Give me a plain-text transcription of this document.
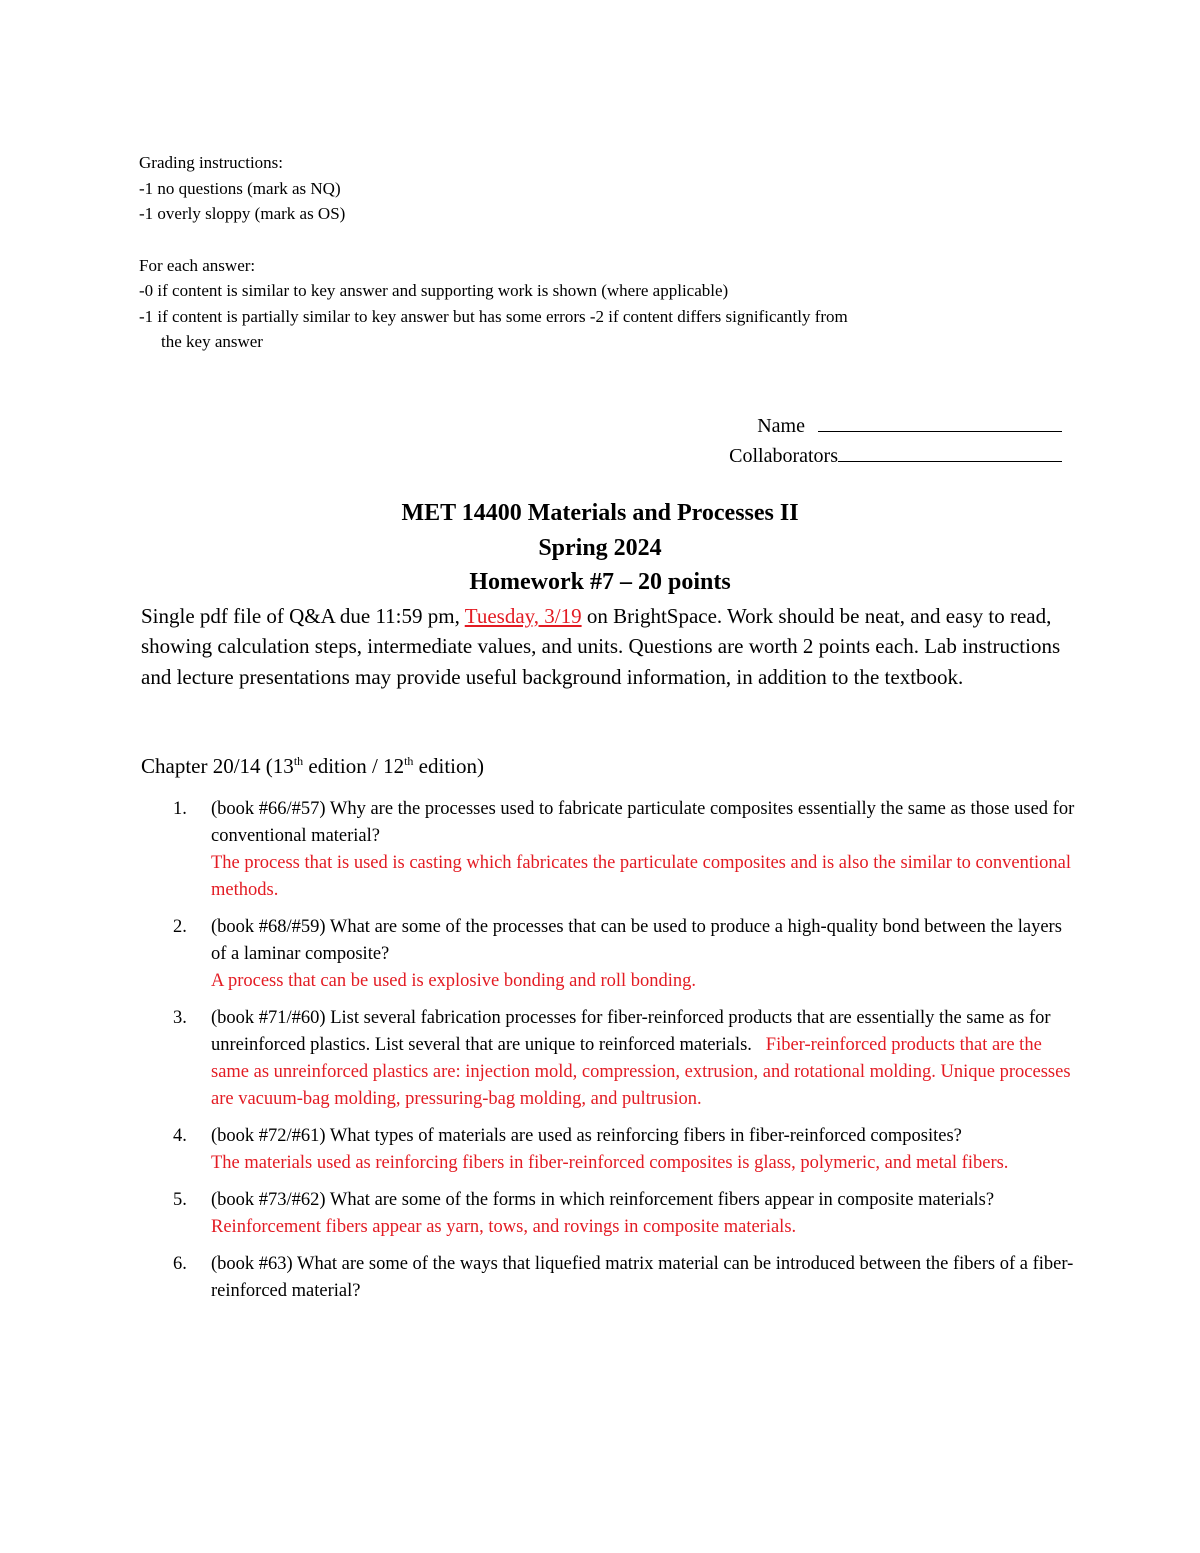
Grading instructions:
-1 no questions (mark as NQ)
-1 overly sloppy (mark as OS)
For each answer:
-0 if content is similar to key answer and supporting work is shown (where applicable)
-1 if content is partially similar to key answer but has some errors -2 if content differs significantly from
the key answer
Name
Collaborators
MET 14400 Materials and Processes II
Spring 2024
Homework #7 – 20 points
Single pdf file of Q&A due 11:59 pm, Tuesday, 3/19 on BrightSpace. Work should be neat, and easy to read, showing calculation steps, intermediate values, and units. Questions are worth 2 points each. Lab instructions and lecture presentations may provide useful background information, in addition to the textbook.
Chapter 20/14 (13th edition / 12th edition)
1. (book #66/#57) Why are the processes used to fabricate particulate composites essentially the same as those used for conventional material?
The process that is used is casting which fabricates the particulate composites and is also the similar to conventional methods.
2. (book #68/#59) What are some of the processes that can be used to produce a high-quality bond between the layers of a laminar composite?
A process that can be used is explosive bonding and roll bonding.
3. (book #71/#60) List several fabrication processes for fiber-reinforced products that are essentially the same as for unreinforced plastics. List several that are unique to reinforced materials. Fiber-reinforced products that are the same as unreinforced plastics are: injection mold, compression, extrusion, and rotational molding. Unique processes are vacuum-bag molding, pressuring-bag molding, and pultrusion.
4. (book #72/#61) What types of materials are used as reinforcing fibers in fiber-reinforced composites?
The materials used as reinforcing fibers in fiber-reinforced composites is glass, polymeric, and metal fibers.
5. (book #73/#62) What are some of the forms in which reinforcement fibers appear in composite materials?
Reinforcement fibers appear as yarn, tows, and rovings in composite materials.
6. (book #63) What are some of the ways that liquefied matrix material can be introduced between the fibers of a fiber-reinforced material?
